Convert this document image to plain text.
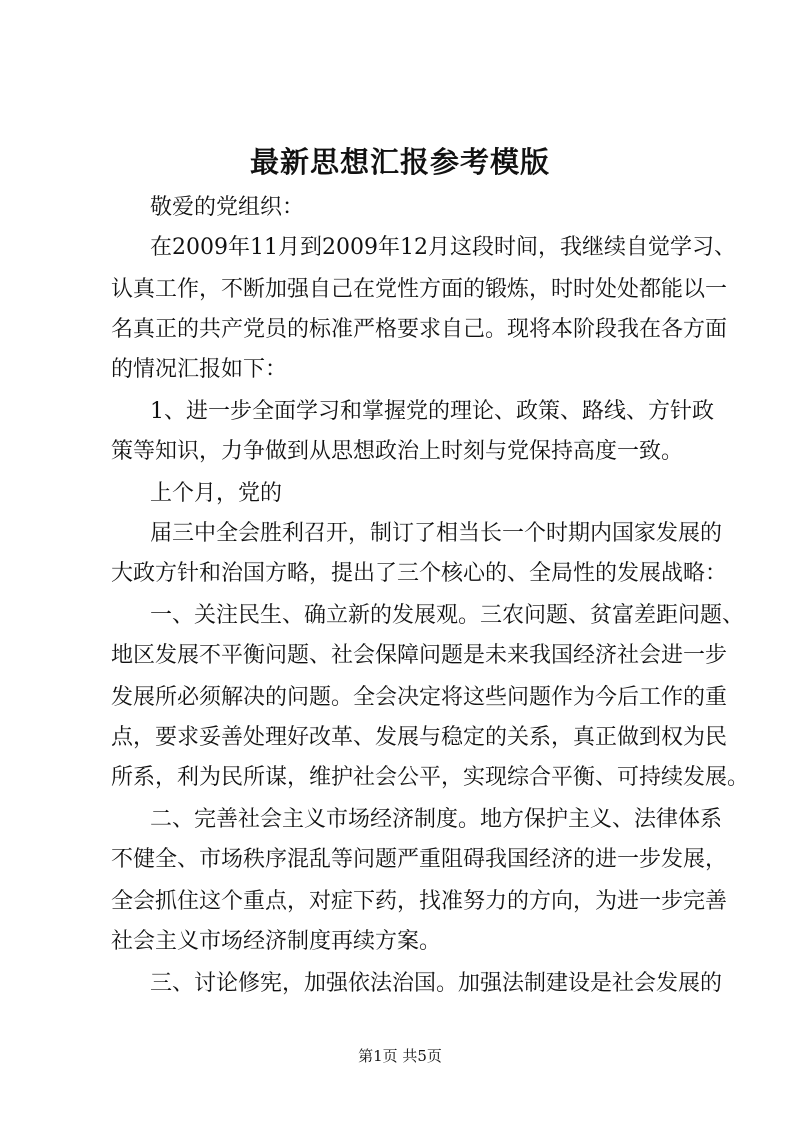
最新思想汇报参考模版
敬爱的党组织：
在2009年11月到2009年12月这段时间，我继续自觉学习、
认真工作，不断加强自己在党性方面的锻炼，时时处处都能以一
名真正的共产党员的标准严格要求自己。现将本阶段我在各方面
的情况汇报如下：
1、进一步全面学习和掌握党的理论、政策、路线、方针政
策等知识，力争做到从思想政治上时刻与党保持高度一致。
上个月，党的
届三中全会胜利召开，制订了相当长一个时期内国家发展的
大政方针和治国方略，提出了三个核心的、全局性的发展战略：
一、关注民生、确立新的发展观。三农问题、贫富差距问题、
地区发展不平衡问题、社会保障问题是未来我国经济社会进一步
发展所必须解决的问题。全会决定将这些问题作为今后工作的重
点，要求妥善处理好改革、发展与稳定的关系，真正做到权为民
所系，利为民所谋，维护社会公平，实现综合平衡、可持续发展。
二、完善社会主义市场经济制度。地方保护主义、法律体系
不健全、市场秩序混乱等问题严重阻碍我国经济的进一步发展，
全会抓住这个重点，对症下药，找准努力的方向，为进一步完善
社会主义市场经济制度再续方案。
三、讨论修宪，加强依法治国。加强法制建设是社会发展的
第1页 共5页
